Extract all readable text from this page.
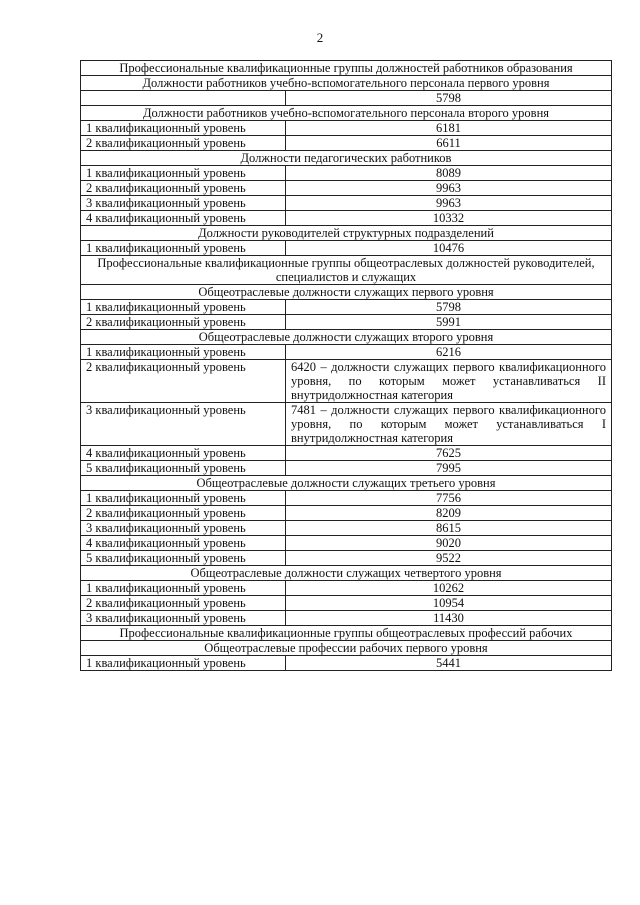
2
Профессиональные квалификационные группы должностей работников образования	
Должности работников учебно-вспомогательного персонала первого уровня	
	5798
Должности работников учебно-вспомогательного персонала второго уровня	
1 квалификационный уровень	6181
2 квалификационный уровень	6611
Должности педагогических работников	
1 квалификационный уровень	8089
2 квалификационный уровень	9963
3 квалификационный уровень	9963
4 квалификационный уровень	10332
Должности руководителей структурных подразделений	
1 квалификационный уровень	10476
Профессиональные квалификационные группы общеотраслевых должностей руководителей, специалистов и служащих	
Общеотраслевые должности служащих первого уровня	
1 квалификационный уровень	5798
2 квалификационный уровень	5991
Общеотраслевые должности служащих второго уровня	
1 квалификационный уровень	6216
2 квалификационный уровень	6420 – должности служащих первого квалификационного уровня, по которым может устанавливаться II внутридолжностная категория
3 квалификационный уровень	7481 – должности служащих первого квалификационного уровня, по которым может устанавливаться I внутридолжностная категория
4 квалификационный уровень	7625
5 квалификационный уровень	7995
Общеотраслевые должности служащих третьего уровня	
1 квалификационный уровень	7756
2 квалификационный уровень	8209
3 квалификационный уровень	8615
4 квалификационный уровень	9020
5 квалификационный уровень	9522
Общеотраслевые должности служащих четвертого уровня	
1 квалификационный уровень	10262
2 квалификационный уровень	10954
3 квалификационный уровень	11430
Профессиональные квалификационные группы общеотраслевых профессий рабочих	
Общеотраслевые профессии рабочих первого уровня	
1 квалификационный уровень	5441
